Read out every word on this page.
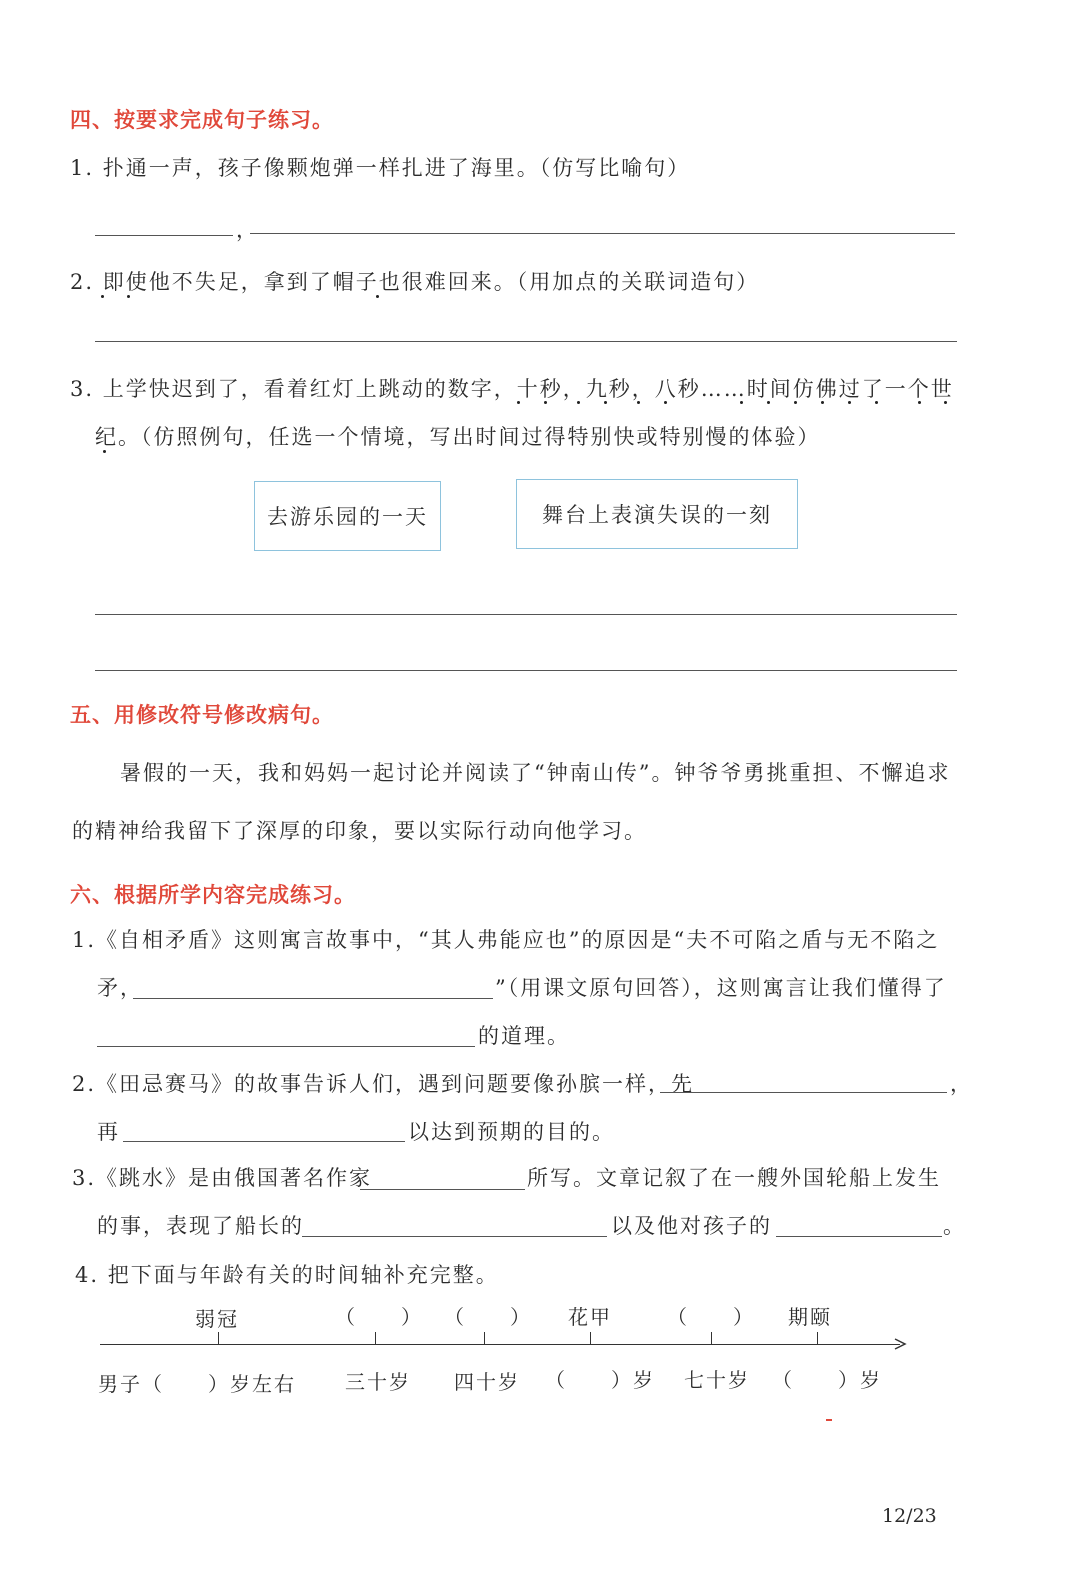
四、按要求完成句子练习。
1. 扑通一声，孩子像颗炮弹一样扎进了海里。（仿写比喻句）
，
2. 即使他不失足，拿到了帽子也很难回来。（用加点的关联词造句）
3. 上学快迟到了，看着红灯上跳动的数字，十秒，九秒，八秒……时间仿佛过了一个世
纪。（仿照例句，任选一个情境，写出时间过得特别快或特别慢的体验）
去游乐园的一天	舞台上表演失误的一刻
五、用修改符号修改病句。
暑假的一天，我和妈妈一起讨论并阅读了“钟南山传”。钟爷爷勇挑重担、不懈追求
的精神给我留下了深厚的印象，要以实际行动向他学习。
六、根据所学内容完成练习。
1.《自相矛盾》这则寓言故事中，“其人弗能应也”的原因是“夫不可陷之盾与无不陷之
矛，	”（用课文原句回答），这则寓言让我们懂得了
的道理。
2.《田忌赛马》的故事告诉人们，遇到问题要像孙膑一样，先	，
再	以达到预期的目的。
3.《跳水》是由俄国著名作家	所写。文章记叙了在一艘外国轮船上发生
的事，表现了船长的	以及他对孩子的	。
4. 把下面与年龄有关的时间轴补充完整。
弱冠	（　　） （　　） 花甲	（　　） 期颐
男子（　　）岁左右 三十岁 四十岁 （　　）岁 七十岁 （　　）岁
12/23
